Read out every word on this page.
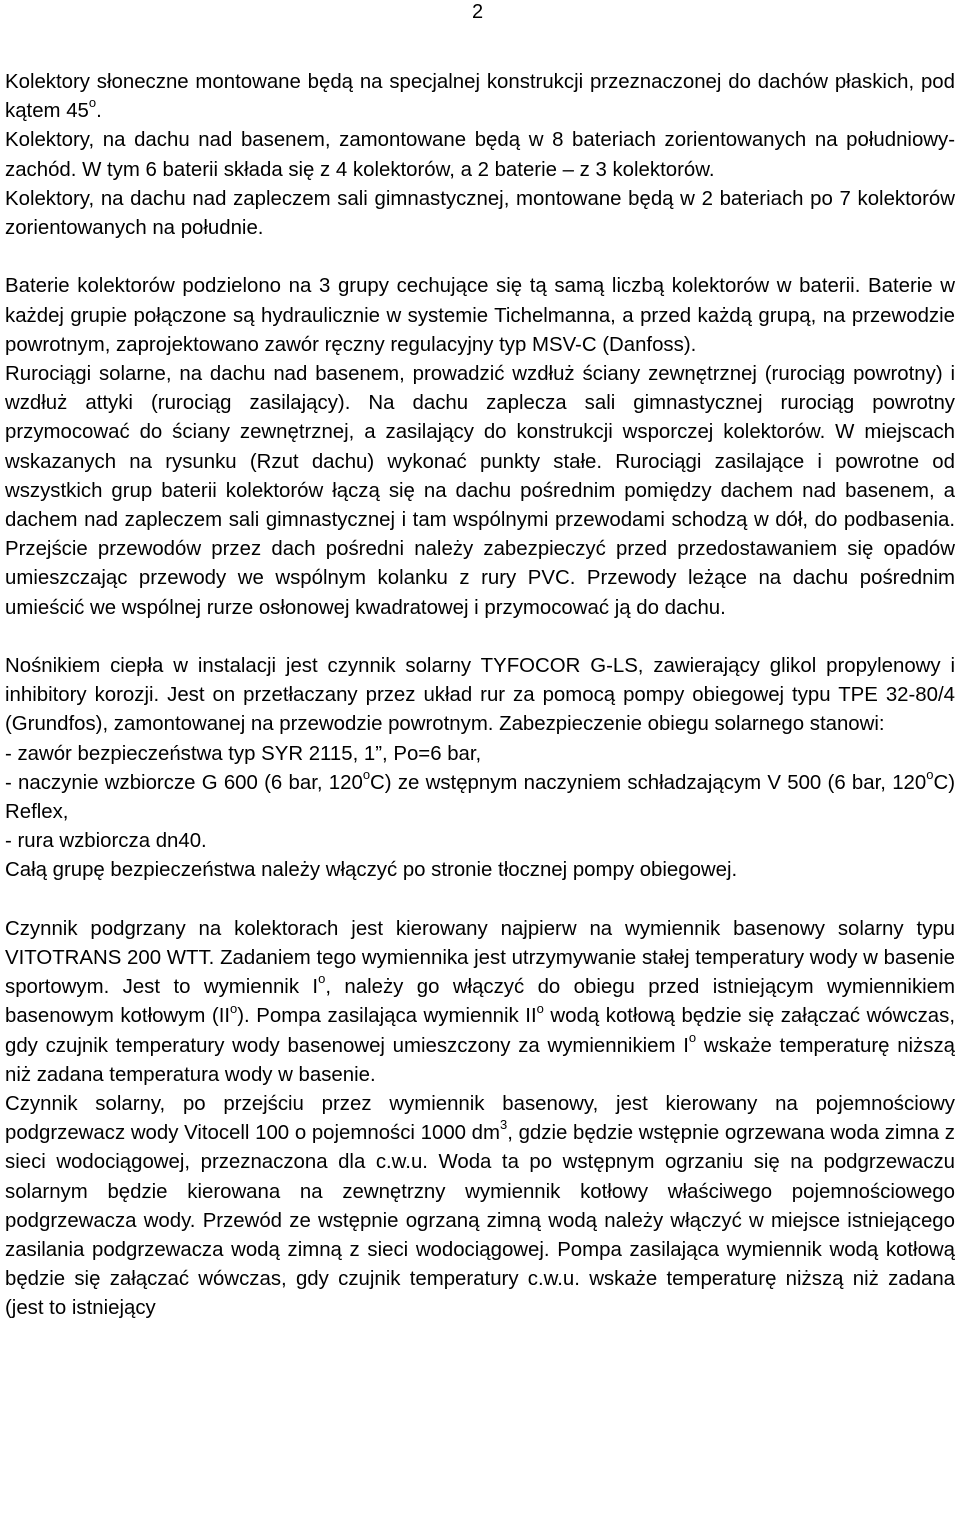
2

Kolektory słoneczne montowane będą na specjalnej konstrukcji przeznaczonej do dachów płaskich, pod kątem 45$^o$.

Kolektory, na dachu nad basenem, zamontowane będą w 8 bateriach zorientowanych na południowy-zachód. W tym 6 baterii składa się z 4 kolektorów, a 2 baterie – z 3 kolektorów.

Kolektory, na dachu nad zapleczem sali gimnastycznej, montowane będą w 2 bateriach po 7 kolektorów zorientowanych na południe.

Baterie kolektorów podzielono na 3 grupy cechujące się tą samą liczbą kolektorów w baterii. Baterie w każdej grupie połączone są hydraulicznie w systemie Tichelmanna, a przed każdą grupą, na przewodzie powrotnym, zaprojektowano zawór ręczny regulacyjny typ MSV-C (Danfoss).

Rurociągi solarne, na dachu nad basenem, prowadzić wzdłuż ściany zewnętrznej (rurociąg powrotny) i wzdłuż attyki (rurociąg zasilający). Na dachu zaplecza sali gimnastycznej rurociąg powrotny przymocować do ściany zewnętrznej, a zasilający do konstrukcji wsporczej kolektorów. W miejscach wskazanych na rysunku (Rzut dachu) wykonać punkty stałe. Rurociągi zasilające i powrotne od wszystkich grup baterii kolektorów łączą się na dachu pośrednim pomiędzy dachem nad basenem, a dachem nad zapleczem sali gimnastycznej i tam wspólnymi przewodami schodzą w dół, do podbasenia. Przejście przewodów przez dach pośredni należy zabezpieczyć przed przedostawaniem się opadów umieszczając przewody we wspólnym kolanku z rury PVC. Przewody leżące na dachu pośrednim umieścić we wspólnej rurze osłonowej kwadratowej i przymocować ją do dachu.

Nośnikiem ciepła w instalacji jest czynnik solarny TYFOCOR G-LS, zawierający glikol propylenowy i inhibitory korozji. Jest on przetłaczany przez układ rur za pomocą pompy obiegowej typu TPE 32-80/4 (Grundfos), zamontowanej na przewodzie powrotnym. Zabezpieczenie obiegu solarnego stanowi:

- zawór bezpieczeństwa typ SYR 2115, 1”, Po=6 bar,

- naczynie wzbiorcze G 600 (6 bar, 120$^o$C) ze wstępnym naczyniem schładzającym V 500 (6 bar, 120$^o$C) Reflex,

- rura wzbiorcza dn40.

Całą grupę bezpieczeństwa należy włączyć po stronie tłocznej pompy obiegowej.

Czynnik podgrzany na kolektorach jest kierowany najpierw na wymiennik basenowy solarny typu VITOTRANS 200 WTT. Zadaniem tego wymiennika jest utrzymywanie stałej temperatury wody w basenie sportowym. Jest to wymiennik $I^o$, należy go włączyć do obiegu przed istniejącym wymiennikiem basenowym kotłowym $(II^o)$. Pompa zasilająca wymiennik $II^o$ wodą kotłową będzie się załączać wówczas, gdy czujnik temperatury wody basenowej umieszczony za wymiennikiem $I^o$ wskaże temperaturę niższą niż zadana temperatura wody w basenie.

Czynnik solarny, po przejściu przez wymiennik basenowy, jest kierowany na pojemnościowy podgrzewacz wody Vitocell 100 o pojemności 1000 $dm^3$, gdzie będzie wstępnie ogrzewana woda zimna z sieci wodociągowej, przeznaczona dla c.w.u. Woda ta po wstępnym ogrzaniu się na podgrzewaczu solarnym będzie kierowana na zewnętrzny wymiennik kotłowy właściwego pojemnościowego podgrzewacza wody. Przewód ze wstępnie ogrzaną zimną wodą należy włączyć w miejsce istniejącego zasilania podgrzewacza wodą zimną z sieci wodociągowej. Pompa zasilająca wymiennik wodą kotłową będzie się załączać wówczas, gdy czujnik temperatury c.w.u. wskaże temperaturę niższą niż zadana (jest to istniejący
